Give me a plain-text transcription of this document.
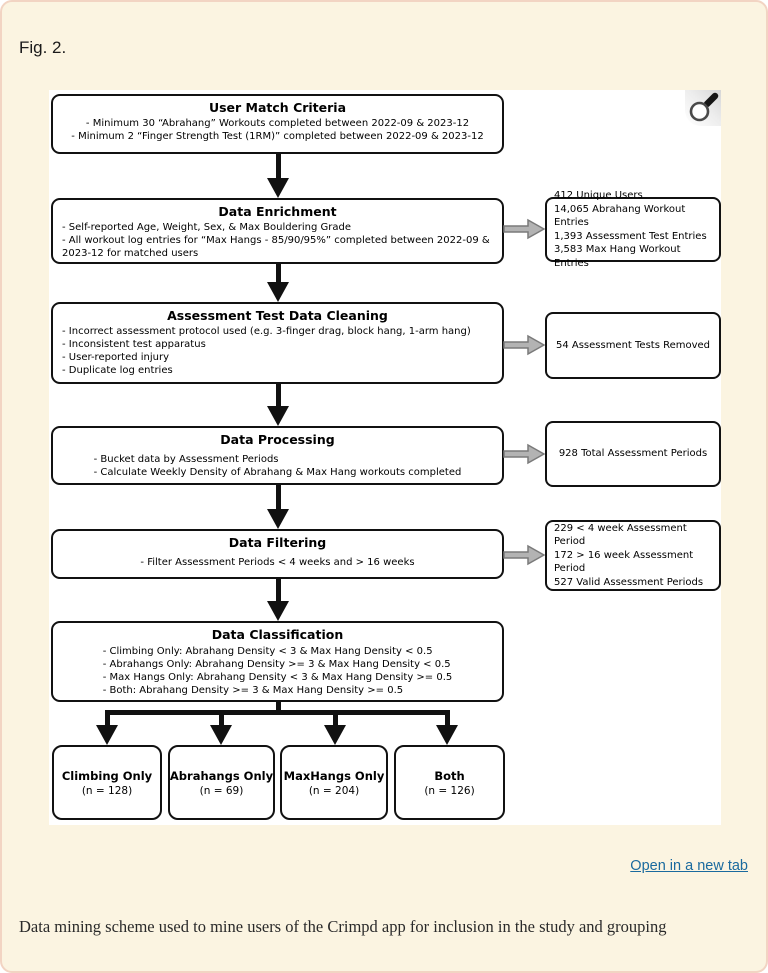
Fig. 2.
User Match Criteria
- Minimum 30 “Abrahang” Workouts completed between 2022-09 & 2023-12
- Minimum 2 “Finger Strength Test (1RM)” completed between 2022-09 & 2023-12
Data Enrichment
- Self-reported Age, Weight, Sex, & Max Bouldering Grade
- All workout log entries for “Max Hangs - 85/90/95%” completed between 2022-09 & 2023-12 for matched users
Assessment Test Data Cleaning
- Incorrect assessment protocol used (e.g. 3-finger drag, block hang, 1-arm hang)
- Inconsistent test apparatus
- User-reported injury
- Duplicate log entries
Data Processing
- Bucket data by Assessment Periods
- Calculate Weekly Density of Abrahang & Max Hang workouts completed
Data Filtering
- Filter Assessment Periods < 4 weeks and > 16 weeks
Data Classification
- Climbing Only: Abrahang Density < 3 & Max Hang Density < 0.5
- Abrahangs Only: Abrahang Density >= 3 & Max Hang Density < 0.5
- Max Hangs Only: Abrahang Density < 3 & Max Hang Density >= 0.5
- Both: Abrahang Density >= 3 & Max Hang Density >= 0.5
Climbing Only
(n = 128)
Abrahangs Only
(n = 69)
MaxHangs Only
(n = 204)
Both
(n = 126)
412 Unique Users
14,065 Abrahang Workout Entries
1,393 Assessment Test Entries
3,583 Max Hang Workout Entries
54 Assessment Tests Removed
928 Total Assessment Periods
229 < 4 week Assessment Period
172 > 16 week Assessment Period
527 Valid Assessment Periods
Open in a new tab
Data mining scheme used to mine users of the Crimpd app for inclusion in the study and grouping
